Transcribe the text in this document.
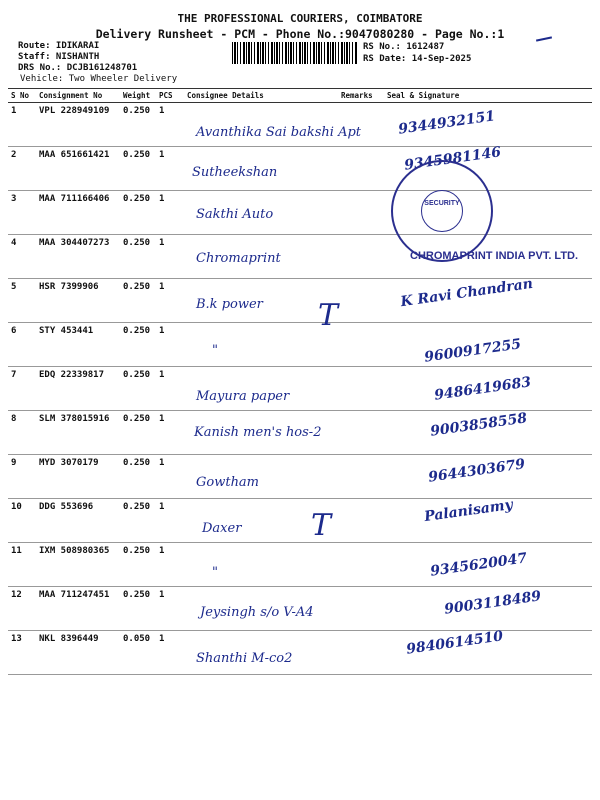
THE PROFESSIONAL COURIERS, COIMBATORE
Delivery Runsheet - PCM - Phone No.:9047080280 - Page No.:1
Route: IDIKARAI
Staff: NISHANTH
DRS No.: DCJB161248701
Vehicle: Two Wheeler Delivery
RS No.: 1612487
RS Date: 14-Sep-2025
S No	Consignment No	Weight	PCS	Consignee Details	Remarks	Seal & Signature
1	VPL 228949109	0.250	1	Avanthika Sai bakshi Apt		9344932151

2	MAA 651661421	0.250	1	Sutheekshan		9345981146

3	MAA 711166406	0.250	1	Sakthi Auto		

4	MAA 304407273	0.250	1	Chromaprint		

5	HSR 7399906	0.250	1	B.k power		K Ravi Chandran

6	STY 453441	0.250	1	"		9600917255

7	EDQ 22339817	0.250	1	Mayura paper		9486419683

8	SLM 378015916	0.250	1	Kanish men's hos-2		9003858558

9	MYD 3070179	0.250	1	Gowtham		9644303679

10	DDG 553696	0.250	1	Daxer		Palanisamy

11	IXM 508980365	0.250	1	"		9345620047

12	MAA 711247451	0.250	1	Jeysingh s/o V-A4		9003118489

13	NKL 8396449	0.050	1	Shanthi M-co2		9840614510
SECURITY
CHROMAPRINT INDIA PVT. LTD.
T
T
